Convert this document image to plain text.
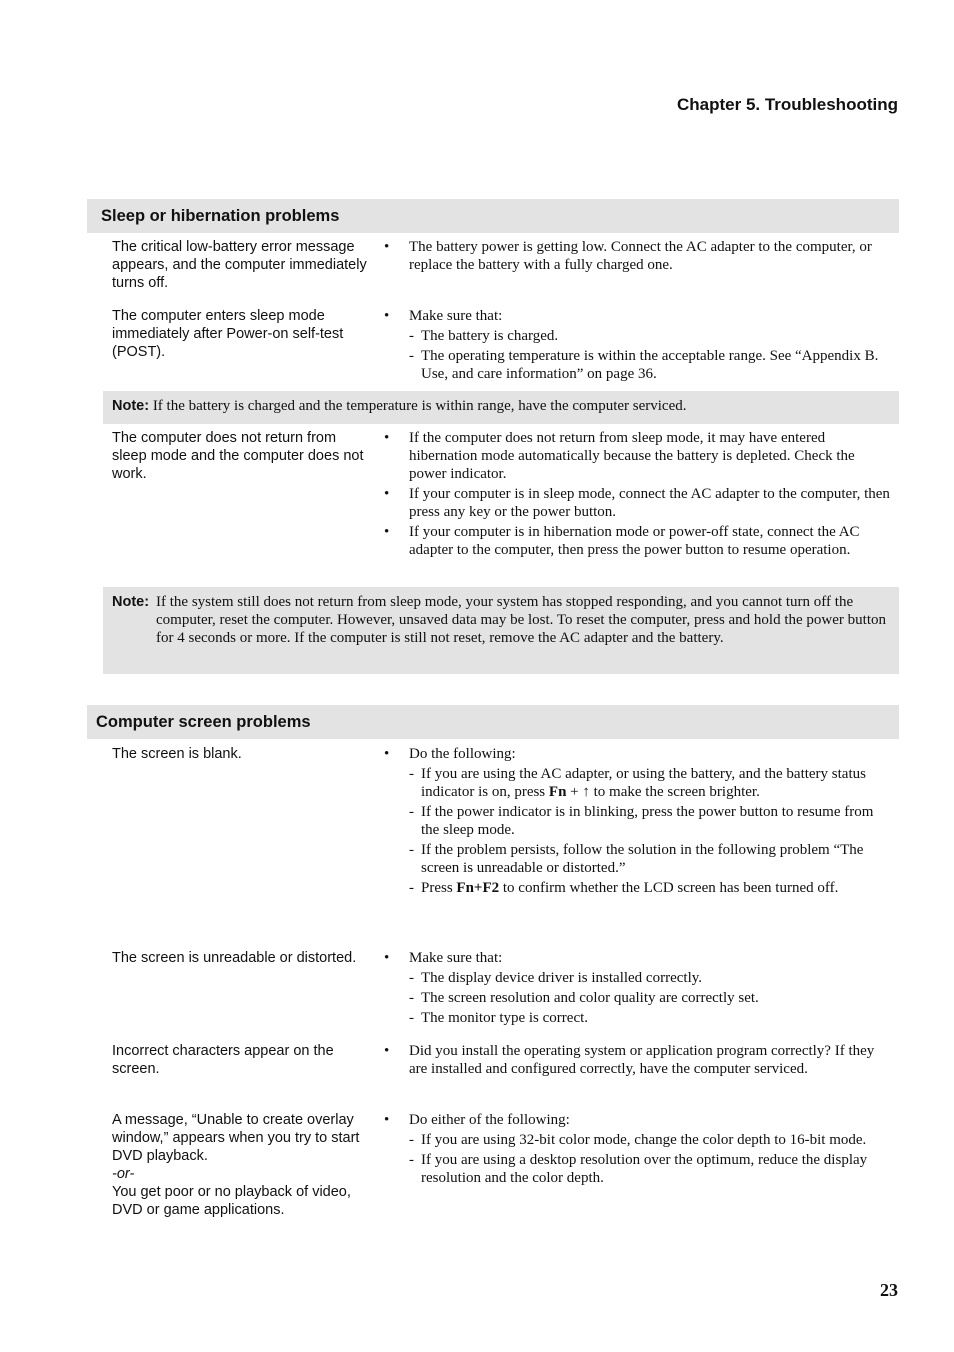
Chapter 5. Troubleshooting
Sleep or hibernation problems
The critical low-battery error message appears, and the computer immediately turns off.
• The battery power is getting low. Connect the AC adapter to the computer, or replace the battery with a fully charged one.
The computer enters sleep mode immediately after Power-on self-test (POST).
• Make sure that:
- The battery is charged.
- The operating temperature is within the acceptable range. See “Appendix B. Use, and care information” on page 36.
Note: If the battery is charged and the temperature is within range, have the computer serviced.
The computer does not return from sleep mode and the computer does not work.
• If the computer does not return from sleep mode, it may have entered hibernation mode automatically because the battery is depleted. Check the power indicator.
• If your computer is in sleep mode, connect the AC adapter to the computer, then press any key or the power button.
• If your computer is in hibernation mode or power-off state, connect the AC adapter to the computer, then press the power button to resume operation.
Note: If the system still does not return from sleep mode, your system has stopped responding, and you cannot turn off the computer, reset the computer. However, unsaved data may be lost. To reset the computer, press and hold the power button for 4 seconds or more. If the computer is still not reset, remove the AC adapter and the battery.
Computer screen problems
The screen is blank.	• Do the following:
- If you are using the AC adapter, or using the battery, and the battery status indicator is on, press Fn + ↑ to make the screen brighter.
- If the power indicator is in blinking, press the power button to resume from the sleep mode.
- If the problem persists, follow the solution in the following problem “The screen is unreadable or distorted.”
- Press Fn+F2 to confirm whether the LCD screen has been turned off.
The screen is unreadable or distorted.	• Make sure that:
- The display device driver is installed correctly.
- The screen resolution and color quality are correctly set.
- The monitor type is correct.
Incorrect characters appear on the screen.
• Did you install the operating system or application program correctly? If they are installed and configured correctly, have the computer serviced.
A message, “Unable to create overlay window,” appears when you try to start DVD playback.
-or-
You get poor or no playback of video, DVD or game applications.
• Do either of the following:
- If you are using 32-bit color mode, change the color depth to 16-bit mode.
- If you are using a desktop resolution over the optimum, reduce the display resolution and the color depth.
23
